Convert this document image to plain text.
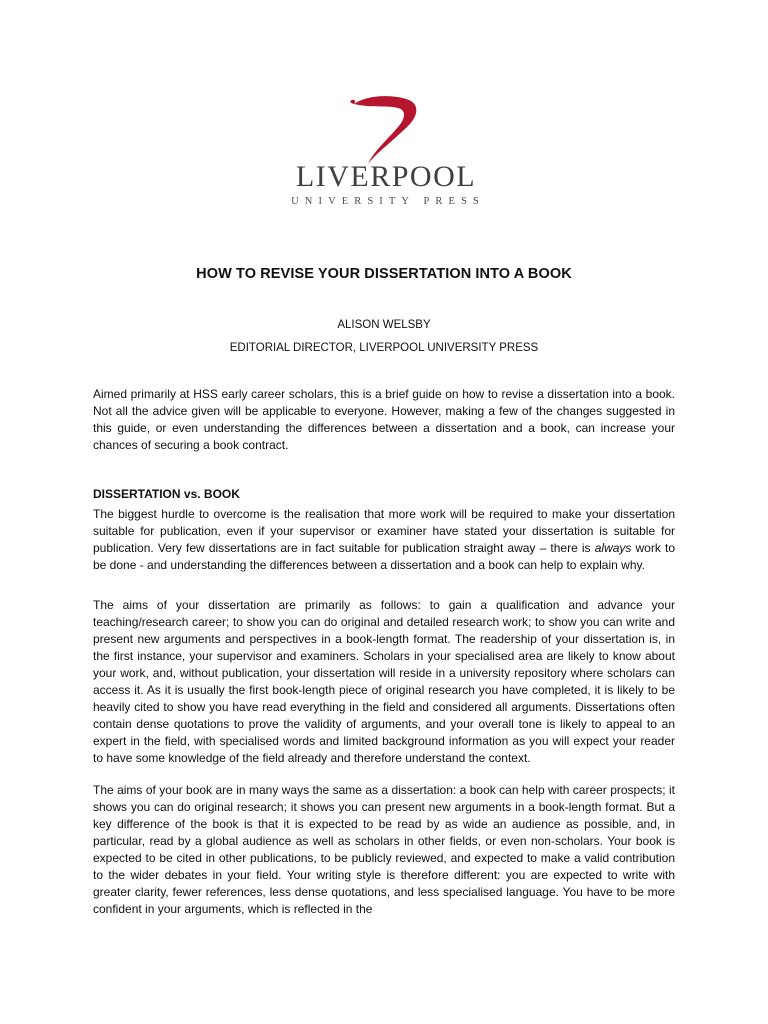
LIVERPOOL
UNIVERSITY PRESS
HOW TO REVISE YOUR DISSERTATION INTO A BOOK
ALISON WELSBY
EDITORIAL DIRECTOR, LIVERPOOL UNIVERSITY PRESS

Aimed primarily at HSS early career scholars, this is a brief guide on how to revise a dissertation into a book. Not all the advice given will be applicable to everyone. However, making a few of the changes suggested in this guide, or even understanding the differences between a dissertation and a book, can increase your chances of securing a book contract.

DISSERTATION vs. BOOK

The biggest hurdle to overcome is the realisation that more work will be required to make your dissertation suitable for publication, even if your supervisor or examiner have stated your dissertation is suitable for publication. Very few dissertations are in fact suitable for publication straight away – there is always work to be done - and understanding the differences between a dissertation and a book can help to explain why.

The aims of your dissertation are primarily as follows: to gain a qualification and advance your teaching/research career; to show you can do original and detailed research work; to show you can write and present new arguments and perspectives in a book-length format. The readership of your dissertation is, in the first instance, your supervisor and examiners. Scholars in your specialised area are likely to know about your work, and, without publication, your dissertation will reside in a university repository where scholars can access it. As it is usually the first book-length piece of original research you have completed, it is likely to be heavily cited to show you have read everything in the field and considered all arguments. Dissertations often contain dense quotations to prove the validity of arguments, and your overall tone is likely to appeal to an expert in the field, with specialised words and limited background information as you will expect your reader to have some knowledge of the field already and therefore understand the context.

The aims of your book are in many ways the same as a dissertation: a book can help with career prospects; it shows you can do original research; it shows you can present new arguments in a book-length format. But a key difference of the book is that it is expected to be read by as wide an audience as possible, and, in particular, read by a global audience as well as scholars in other fields, or even non-scholars. Your book is expected to be cited in other publications, to be publicly reviewed, and expected to make a valid contribution to the wider debates in your field. Your writing style is therefore different: you are expected to write with greater clarity, fewer references, less dense quotations, and less specialised language. You have to be more confident in your arguments, which is reflected in the
